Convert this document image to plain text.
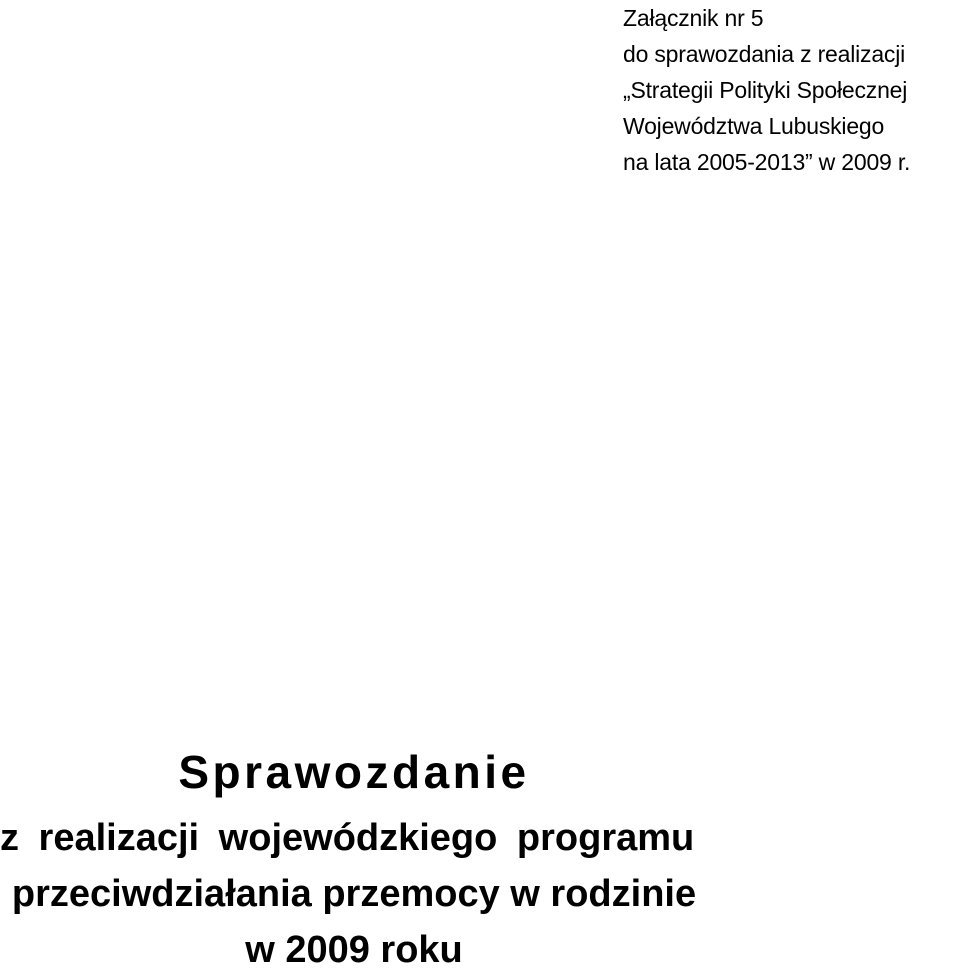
Załącznik nr 5
do sprawozdania z realizacji
„Strategii Polityki Społecznej
Województwa Lubuskiego
na lata 2005-2013” w 2009 r.
Sprawozdanie
z realizacji wojewódzkiego programu
przeciwdziałania przemocy w rodzinie
w 2009 roku
